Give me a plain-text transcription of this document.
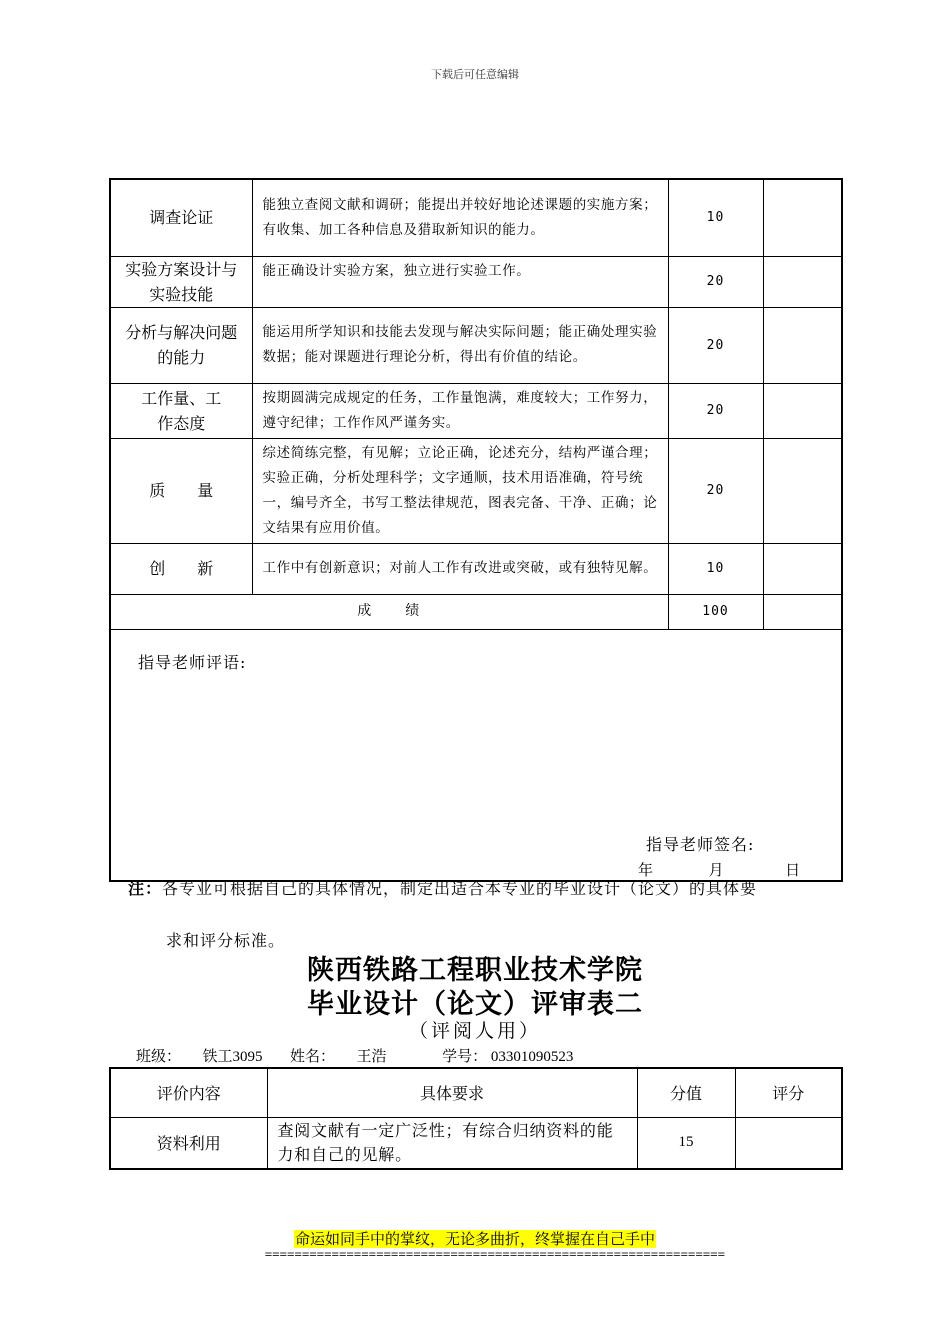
下载后可任意编辑
调查论证	能独立查阅文献和调研；能提出并较好地论述课题的实施方案；有收集、加工各种信息及猎取新知识的能力。	10	
实验方案设计与实验技能	能正确设计实验方案，独立进行实验工作。	20	
分析与解决问题的能力	能运用所学知识和技能去发现与解决实际问题；能正确处理实验数据；能对课题进行理论分析，得出有价值的结论。	20	
工作量、工作态度	按期圆满完成规定的任务，工作量饱满，难度较大；工作努力，遵守纪律；工作作风严谨务实。	20	
质　　量	综述简练完整，有见解；立论正确，论述充分，结构严谨合理；实验正确，分析处理科学；文字通顺，技术用语准确，符号统一，编号齐全，书写工整法律规范，图表完备、干净、正确；论文结果有应用价值。	20	
创　　新	工作中有创新意识；对前人工作有改进或突破，或有独特见解。	10	
成　　绩		100	

指导老师评语:
指导老师签名:
年 月 日			
注：各专业可根据自己的具体情况，制定出适合本专业的毕业设计（论文）的具体要
求和评分标准。
陕西铁路工程职业技术学院
毕业设计（论文）评审表二
（评阅人用）
班级： 铁工3095 姓名： 王浩	学号： 03301090523
评价内容	具体要求	分值	评分
资料利用	查阅文献有一定广泛性；有综合归纳资料的能力和自己的见解。	15	
命运如同手中的掌纹，无论多曲折，终掌握在自己手中
==============================================================
